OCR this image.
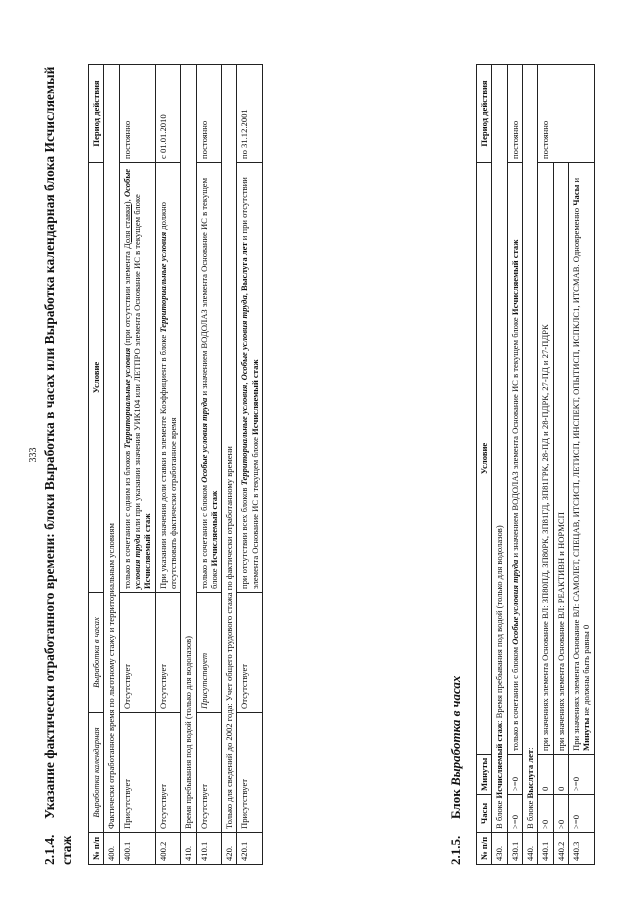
333
2.1.4.Указание фактически отработанного времени: блоки Выработка в часах или Выработка календарная блока Исчисляемый стаж № п/п	Выработка календарная	Выработка в часах	Условие	Период действия
400.	Фактически отработанное время по льготному стажу и территориальным условиям			
400.1	Присутствует	Отсутствует	только в сочетании с одним из блоков Территориальные условия (при отсутствии элемента Доля ставки), Особые условия труда или при указании значения УИК104 или ЛЕТПРО элемента Основание ИС в текущем блоке Исчисляемый стаж	постоянно
400.2	Отсутствует	Отсутствует	При указании значения доли ставки в элементе Коэффициент в блоке Территориальные условия должно отсутствовать фактически отработанное время	с 01.01.2010
410.	Время пребывания под водой (только для водолазов)			
410.1	Отсутствует	Присутствует	только в сочетании с блоком Особые условия труда и значением ВОДОЛАЗ элемента Основание ИС в текущем блоке Исчисляемый стаж	постоянно
420.	Только для сведений до 2002 года: Учет общего трудового стажа по фактически отработанному времени			
420.1	Присутствует	Отсутствует	при отсутствии всех блоков Территориальные условия, Особые условия труда, Выслуга лет и при отсутствии элемента Основание ИС в текущем блоке Исчисляемый стаж	по 31.12.2001
2.1.5.Блок Выработка в часах
№ п/п	Часы	Минуты	Условие	Период действия
430.	В блоке Исчисляемый стаж: Время пребывания под водой (только для водолазов)			
430.1	>=0	>=0	только в сочетании с блоком Особые условия труда и значением ВОДОЛАЗ элемента Основание ИС в текущем блоке Исчисляемый стаж	постоянно
440.	В блоке Выслуга лет:			
440.1	>0	0	при значениях элемента Основание ВЛ: ЗП80ПД, ЗП80РК, ЗП81ГД, ЗП81ГРК, 28-ПД и 28-ПДРК, 27-ПД и 27-ПДРК	постоянно
440.2	>0	0	при значениях элемента Основание ВЛ: РЕАКТИВН и НОРМСП	
440.3	>=0	>=0	При значениях элемента Основание ВЛ: САМОЛЕТ, СПЕЦАВ, ИТСИСП, ЛЕТИСП, ИНСПЕКТ, ОПЫТИСП, ИСПКЛС1, ИТСМАВ. Одновременно Часы и Минуты не должны быть равны 0	
